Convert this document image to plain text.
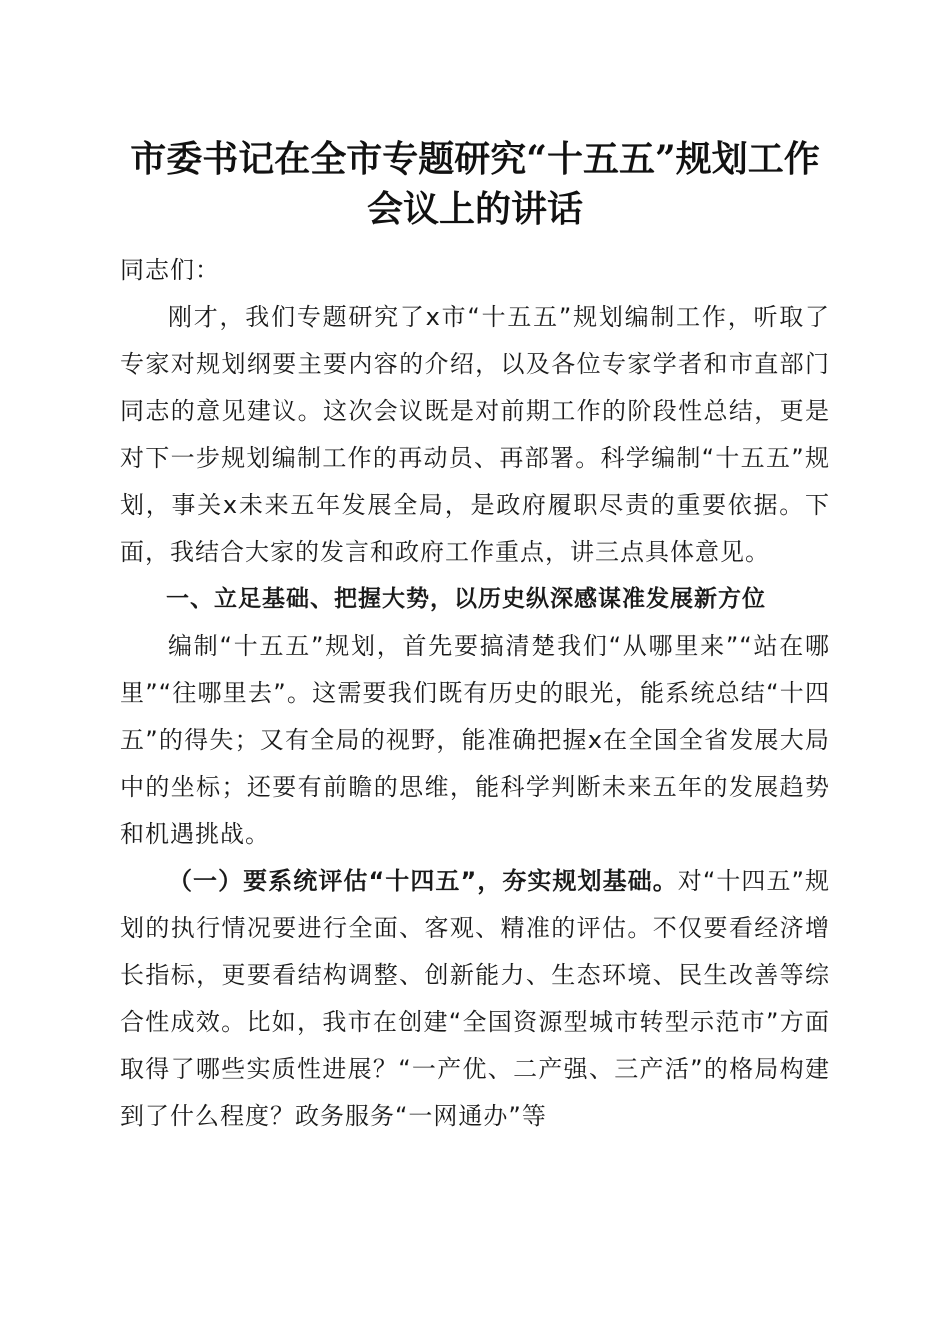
市委书记在全市专题研究“十五五”规划工作
会议上的讲话

同志们：

刚才，我们专题研究了x市“十五五”规划编制工作，听取了专家对规划纲要主要内容的介绍，以及各位专家学者和市直部门同志的意见建议。这次会议既是对前期工作的阶段性总结，更是对下一步规划编制工作的再动员、再部署。科学编制“十五五”规划，事关x未来五年发展全局，是政府履职尽责的重要依据。下面，我结合大家的发言和政府工作重点，讲三点具体意见。

一、立足基础、把握大势，以历史纵深感谋准发展新方位

编制“十五五”规划，首先要搞清楚我们“从哪里来”“站在哪里”“往哪里去”。这需要我们既有历史的眼光，能系统总结“十四五”的得失；又有全局的视野，能准确把握x在全国全省发展大局中的坐标；还要有前瞻的思维，能科学判断未来五年的发展趋势和机遇挑战。

（一）要系统评估“十四五”，夯实规划基础。对“十四五”规划的执行情况要进行全面、客观、精准的评估。不仅要看经济增长指标，更要看结构调整、创新能力、生态环境、民生改善等综合性成效。比如，我市在创建“全国资源型城市转型示范市”方面取得了哪些实质性进展？“一产优、二产强、三产活”的格局构建到了什么程度？政务服务“一网通办”等
